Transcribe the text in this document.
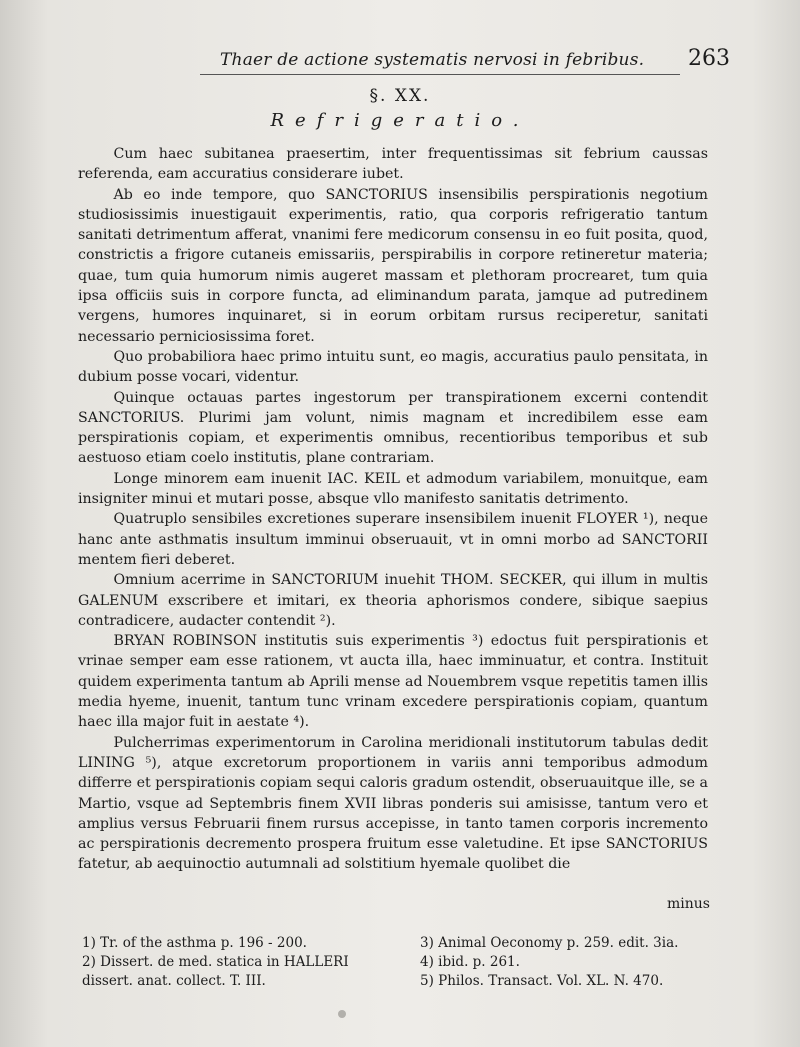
Thaer de actione systematis nervosi in febribus. 263
§. XX.
Refrigeratio.

Cum haec subitanea praesertim, inter frequentissimas sit febrium caussas referenda, eam accuratius considerare iubet.

Ab eo inde tempore, quo SANCTORIUS insensibilis perspirationis negotium studiosissimis inuestigauit experimentis, ratio, qua corporis refrigeratio tantum sanitati detrimentum afferat, vnanimi fere medicorum consensu in eo fuit posita, quod, constrictis a frigore cutaneis emissariis, perspirabilis in corpore retineretur materia; quae, tum quia humorum nimis augeret massam et plethoram procrearet, tum quia ipsa officiis suis in corpore functa, ad eliminandum parata, jamque ad putredinem vergens, humores inquinaret, si in eorum orbitam rursus reciperetur, sanitati necessario perniciosissima foret.

Quo probabiliora haec primo intuitu sunt, eo magis, accuratius paulo pensitata, in dubium posse vocari, videntur.

Quinque octauas partes ingestorum per transpirationem excerni contendit SANCTORIUS. Plurimi jam volunt, nimis magnam et incredibilem esse eam perspirationis copiam, et experimentis omnibus, recentioribus temporibus et sub aestuoso etiam coelo institutis, plane contrariam.

Longe minorem eam inuenit IAC. KEIL et admodum variabilem, monuitque, eam insigniter minui et mutari posse, absque vllo manifesto sanitatis detrimento.

Quatruplo sensibiles excretiones superare insensibilem inuenit FLOYER ¹), neque hanc ante asthmatis insultum imminui obseruauit, vt in omni morbo ad SANCTORII mentem fieri deberet.

Omnium acerrime in SANCTORIUM inuehit THOM. SECKER, qui illum in multis GALENUM exscribere et imitari, ex theoria aphorismos condere, sibique saepius contradicere, audacter contendit ²).

BRYAN ROBINSON institutis suis experimentis ³) edoctus fuit perspirationis et vrinae semper eam esse rationem, vt aucta illa, haec imminuatur, et contra. Instituit quidem experimenta tantum ab Aprili mense ad Nouembrem vsque repetitis tamen illis media hyeme, inuenit, tantum tunc vrinam excedere perspirationis copiam, quantum haec illa major fuit in aestate ⁴).

Pulcherrimas experimentorum in Carolina meridionali institutorum tabulas dedit LINING ⁵), atque excretorum proportionem in variis anni temporibus admodum differre et perspirationis copiam sequi caloris gradum ostendit, obseruauitque ille, se a Martio, vsque ad Septembris finem XVII libras ponderis sui amisisse, tantum vero et amplius versus Februarii finem rursus accepisse, in tanto tamen corporis incremento ac perspirationis decremento prospera fruitum esse valetudine. Et ipse SANCTORIUS fatetur, ab aequinoctio autumnali ad solstitium hyemale quolibet die

minus
1) Tr. of the asthma p. 196 - 200.
2) Dissert. de med. statica in HALLERI
dissert. anat. collect. T. III.
3) Animal Oeconomy p. 259. edit. 3ia.
4) ibid. p. 261.
5) Philos. Transact. Vol. XL. N. 470.
